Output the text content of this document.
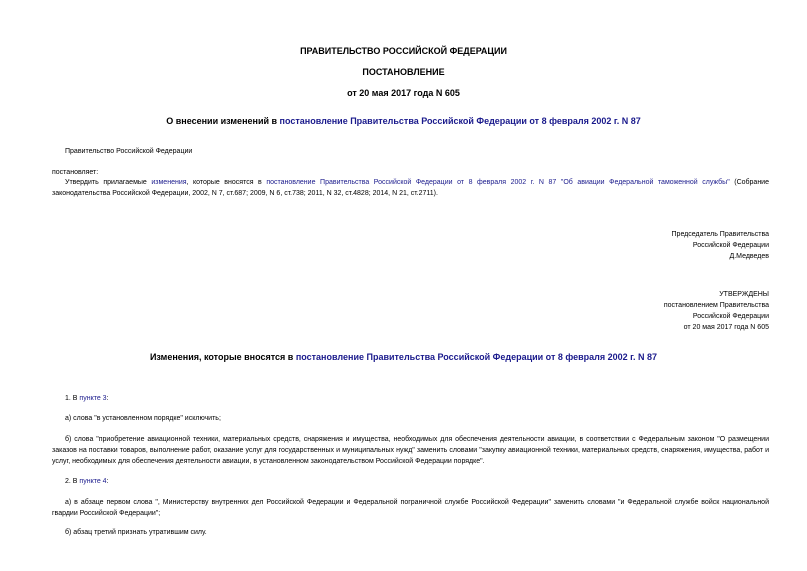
ПРАВИТЕЛЬСТВО РОССИЙСКОЙ ФЕДЕРАЦИИ
ПОСТАНОВЛЕНИЕ
от 20 мая 2017 года N 605
О внесении изменений в постановление Правительства Российской Федерации от 8 февраля 2002 г. N 87
Правительство Российской Федерации
постановляет:
Утвердить прилагаемые изменения, которые вносятся в постановление Правительства Российской Федерации от 8 февраля 2002 г. N 87 "Об авиации Федеральной таможенной службы" (Собрание законодательства Российской Федерации, 2002, N 7, ст.687; 2009, N 6, ст.738; 2011, N 32, ст.4828; 2014, N 21, ст.2711).
Председатель Правительства
Российской Федерации
Д.Медведев
УТВЕРЖДЕНЫ
постановлением Правительства
Российской Федерации
от 20 мая 2017 года N 605
Изменения, которые вносятся в постановление Правительства Российской Федерации от 8 февраля 2002 г. N 87
1. В пункте 3:
а) слова "в установленном порядке" исключить;
б) слова "приобретение авиационной техники, материальных средств, снаряжения и имущества, необходимых для обеспечения деятельности авиации, в соответствии с Федеральным законом "О размещении заказов на поставки товаров, выполнение работ, оказание услуг для государственных и муниципальных нужд" заменить словами "закупку авиационной техники, материальных средств, снаряжения, имущества, работ и услуг, необходимых для обеспечения деятельности авиации, в установленном законодательством Российской Федерации порядке".
2. В пункте 4:
а) в абзаце первом слова ", Министерству внутренних дел Российской Федерации и Федеральной пограничной службе Российской Федерации" заменить словами "и Федеральной службе войск национальной гвардии Российской Федерации";
б) абзац третий признать утратившим силу.
